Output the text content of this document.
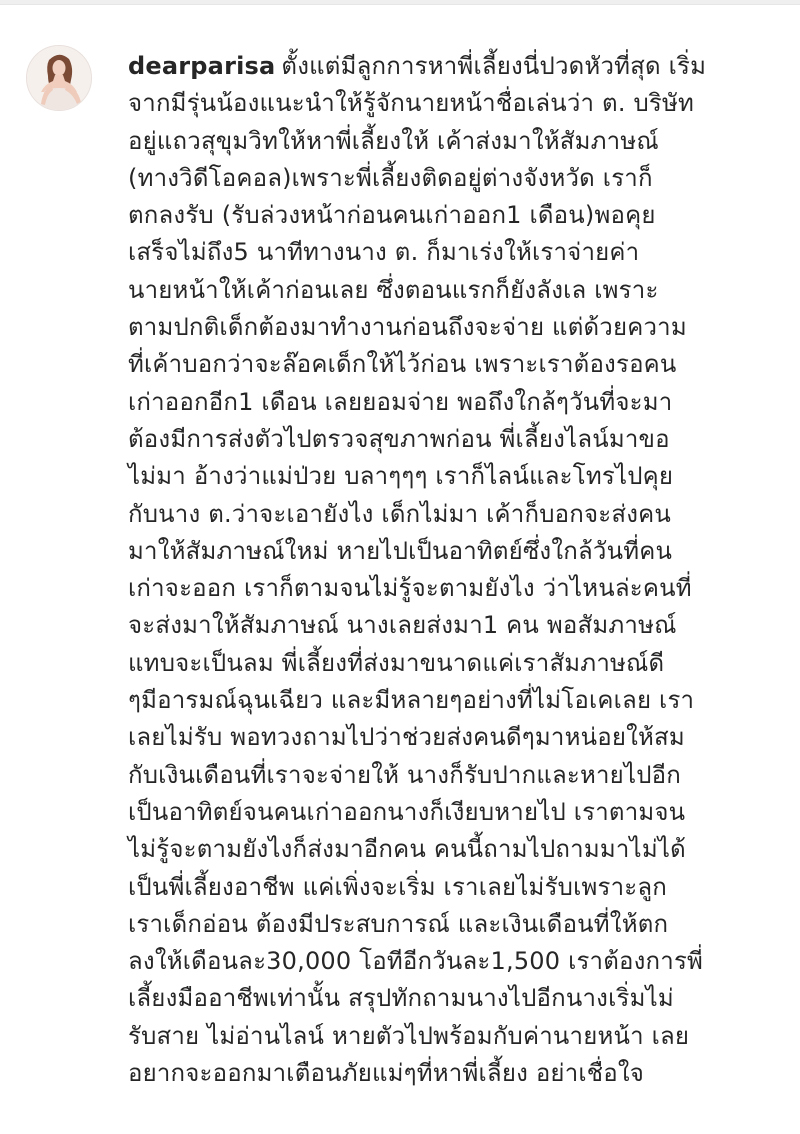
dearparisa ตั้งแต่มีลูกการหาพี่เลี้ยงนี่ปวดหัวที่สุด เริ่ม
จากมีรุ่นน้องแนะนำให้รู้จักนายหน้าชื่อเล่นว่า ต. บริษัท
อยู่แถวสุขุมวิทให้หาพี่เลี้ยงให้ เค้าส่งมาให้สัมภาษณ์
(ทางวิดีโอคอล)เพราะพี่เลี้ยงติดอยู่ต่างจังหวัด เราก็
ตกลงรับ (รับล่วงหน้าก่อนคนเก่าออก1 เดือน)พอคุย
เสร็จไม่ถึง5 นาทีทางนาง ต. ก็มาเร่งให้เราจ่ายค่า
นายหน้าให้เค้าก่อนเลย ซึ่งตอนแรกก็ยังลังเล เพราะ
ตามปกติเด็กต้องมาทำงานก่อนถึงจะจ่าย แต่ด้วยความ
ที่เค้าบอกว่าจะล๊อคเด็กให้ไว้ก่อน เพราะเราต้องรอคน
เก่าออกอีก1 เดือน เลยยอมจ่าย พอถึงใกล้ๆวันที่จะมา
ต้องมีการส่งตัวไปตรวจสุขภาพก่อน พี่เลี้ยงไลน์มาขอ
ไม่มา อ้างว่าแม่ป่วย บลาๆๆๆ เราก็ไลน์และโทรไปคุย
กับนาง ต.ว่าจะเอายังไง เด็กไม่มา เค้าก็บอกจะส่งคน
มาให้สัมภาษณ์ใหม่ หายไปเป็นอาทิตย์ซึ่งใกล้วันที่คน
เก่าจะออก เราก็ตามจนไม่รู้จะตามยังไง ว่าไหนล่ะคนที่
จะส่งมาให้สัมภาษณ์ นางเลยส่งมา1 คน พอสัมภาษณ์
แทบจะเป็นลม พี่เลี้ยงที่ส่งมาขนาดแค่เราสัมภาษณ์ดี
ๆมีอารมณ์ฉุนเฉียว และมีหลายๆอย่างที่ไม่โอเคเลย เรา
เลยไม่รับ พอทวงถามไปว่าช่วยส่งคนดีๆมาหน่อยให้สม
กับเงินเดือนที่เราจะจ่ายให้ นางก็รับปากและหายไปอีก
เป็นอาทิตย์จนคนเก่าออกนางก็เงียบหายไป เราตามจน
ไม่รู้จะตามยังไงก็ส่งมาอีกคน คนนี้ถามไปถามมาไม่ได้
เป็นพี่เลี้ยงอาชีพ แค่เพิ่งจะเริ่ม เราเลยไม่รับเพราะลูก
เราเด็กอ่อน ต้องมีประสบการณ์ และเงินเดือนที่ให้ตก
ลงให้เดือนละ30,000 โอทีอีกวันละ1,500 เราต้องการพี่
เลี้ยงมืออาชีพเท่านั้น สรุปทักถามนางไปอีกนางเริ่มไม่
รับสาย ไม่อ่านไลน์ หายตัวไปพร้อมกับค่านายหน้า เลย
อยากจะออกมาเตือนภัยแม่ๆที่หาพี่เลี้ยง อย่าเชื่อใจ
